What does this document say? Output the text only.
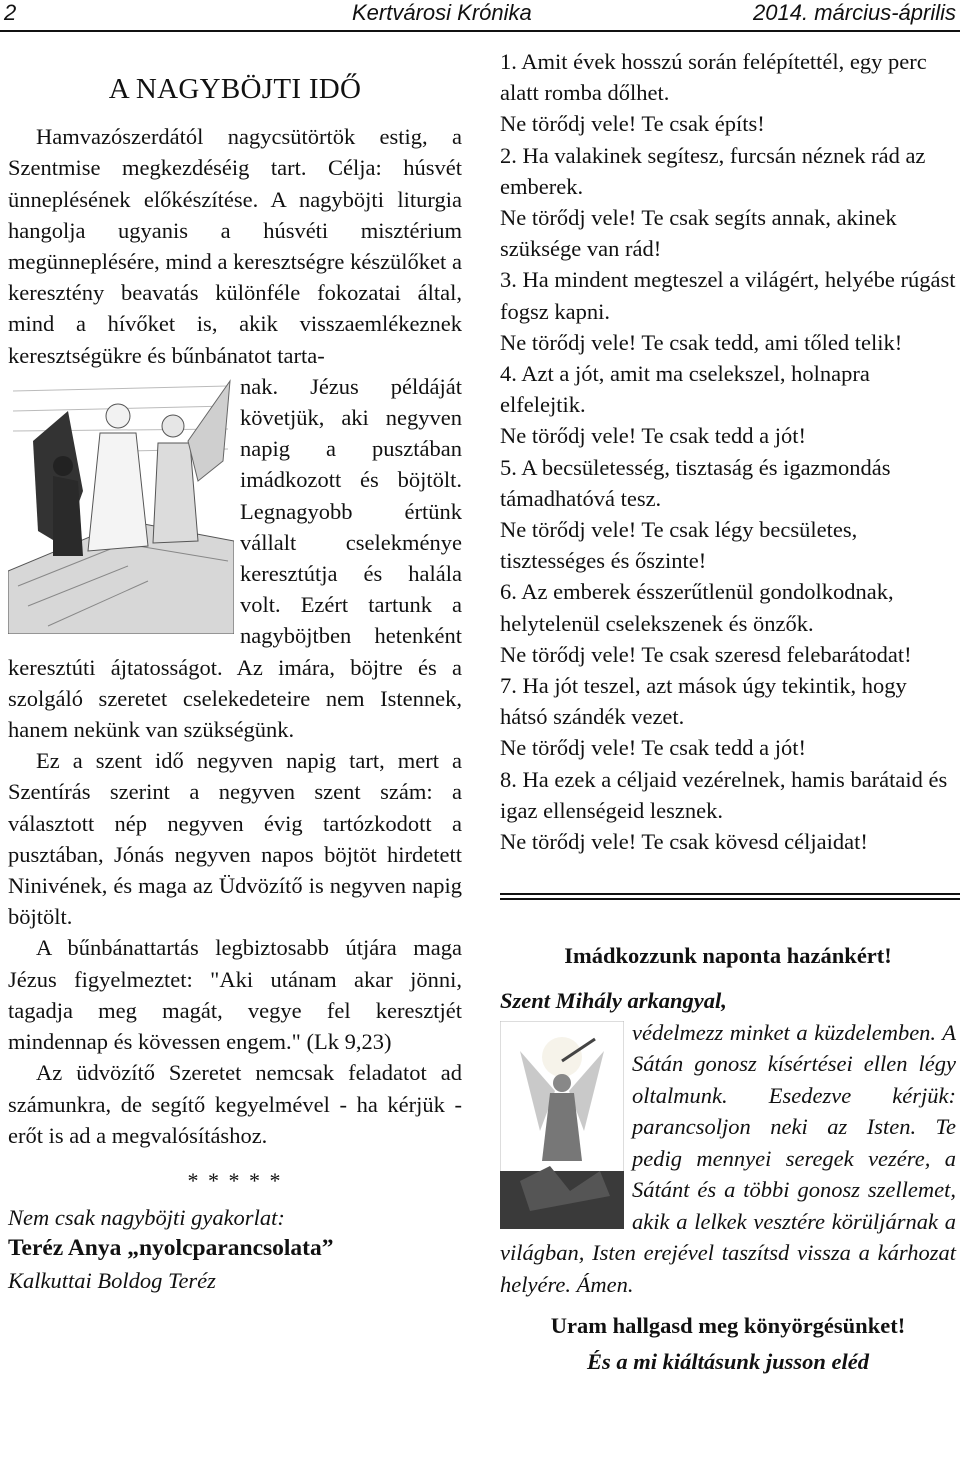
2	Kertvárosi Krónika	2014. március-április
A NAGYBÖJTI IDŐ

Hamvazószerdától nagycsütörtök estig, a Szentmise megkezdéséig tart. Célja: húsvét ünneplésének előkészítése. A nagyböjti liturgia hangolja ugyanis a húsvéti misztérium megünneplésére, mind a keresztségre készülőket a keresztény beavatás különféle fokozatai által, mind a hívőket is, akik visszaemlékeznek keresztségükre és bűnbánatot tarta-

nak. Jézus példáját követjük, aki negyven napig a pusztában imádkozott és böjtölt. Legnagyobb értünk vállalt cselekménye keresztútja és halála volt. Ezért tartunk a nagyböjtben hetenként keresztúti ájtatosságot. Az imára, böjtre és a szolgáló szeretet cselekedeteire nem Istennek, hanem nekünk van szükségünk.

Ez a szent idő negyven napig tart, mert a Szentírás szerint a negyven szent szám: a választott nép negyven évig tartózkodott a pusztában, Jónás negyven napos böjtöt hirdetett Ninivének, és maga az Üdvözítő is negyven napig böjtölt.

A bűnbánattartás legbiztosabb útjára maga Jézus figyelmeztet: "Aki utánam akar jönni, tagadja meg magát, vegye fel keresztjét mindennap és kövessen engem." (Lk 9,23)

Az üdvözítő Szeretet nemcsak feladatot ad számunkra, de segítő kegyelmével - ha kérjük - erőt is ad a megvalósításhoz.

* * * * *
Nem csak nagyböjti gyakorlat:
Teréz Anya „nyolcparancsolata”
Kalkuttai Boldog Teréz

1. Amit évek hosszú során felépítettél, egy perc alatt romba dőlhet.

Ne törődj vele! Te csak építs!

2. Ha valakinek segítesz, furcsán néznek rád az emberek.

Ne törődj vele! Te csak segíts annak, akinek szüksége van rád!

3. Ha mindent megteszel a világért, helyébe rúgást fogsz kapni.

Ne törődj vele! Te csak tedd, ami tőled telik!

4. Azt a jót, amit ma cselekszel, holnapra elfelejtik.

Ne törődj vele! Te csak tedd a jót!

5. A becsületesség, tisztaság és igazmondás támadhatóvá tesz.

Ne törődj vele! Te csak légy becsületes, tisztességes és őszinte!

6. Az emberek ésszerűtlenül gondolkodnak, helytelenül cselekszenek és önzők.

Ne törődj vele! Te csak szeresd felebarátodat!

7. Ha jót teszel, azt mások úgy tekintik, hogy hátsó szándék vezet.

Ne törődj vele! Te csak tedd a jót!

8. Ha ezek a céljaid vezérelnek, hamis barátaid és igaz ellenségeid lesznek.

Ne törődj vele! Te csak kövesd céljaidat!

Imádkozzunk naponta hazánkért!

Szent Mihály arkangyal,

védelmezz minket a küzdelemben. A Sátán gonosz kísértései ellen légy oltalmunk. Esedezve kérjük: parancsoljon neki az Isten. Te pedig mennyei seregek vezére, a Sátánt és a többi gonosz szellemet, akik a lelkek vesztére körüljárnak a világban, Isten erejével taszítsd vissza a kárhozat helyére. Ámen.

Uram hallgasd meg könyörgésünket!
És a mi kiáltásunk jusson eléd
